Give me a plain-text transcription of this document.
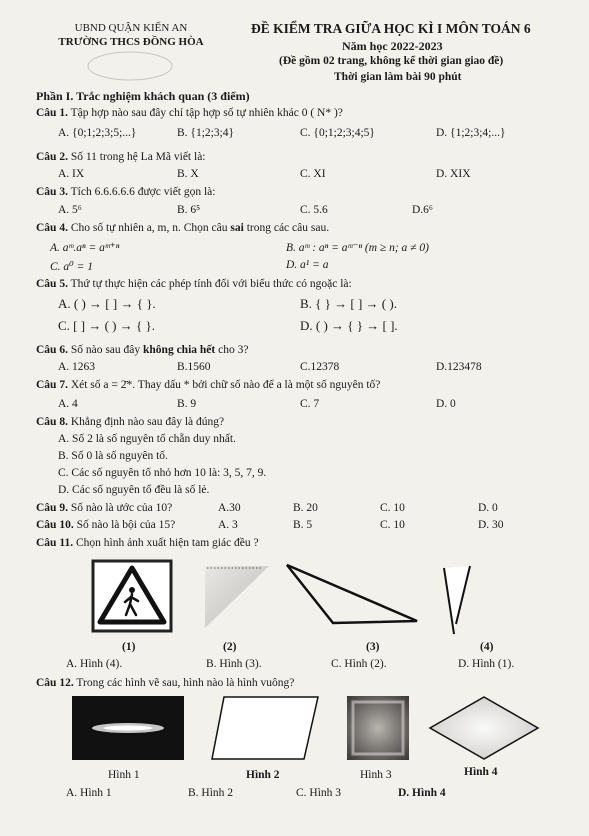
UBND QUẬN KIẾN AN
TRƯỜNG THCS ĐỒNG HÒA
ĐỀ KIỂM TRA GIỮA HỌC KÌ I MÔN TOÁN 6
Năm học 2022-2023
(Đề gồm 02 trang, không kể thời gian giao đề)
Thời gian làm bài 90 phút
Phần I. Trắc nghiệm khách quan (3 điểm)
Câu 1. Tập hợp nào sau đây chỉ tập hợp số tự nhiên khác 0 ( N* )?
A. {0;1;2;3;5;...}	B. {1;2;3;4}	C. {0;1;2;3;4;5}	D. {1;2;3;4;...}
Câu 2. Số 11 trong hệ La Mã viết là:
A. IX	B. X	C. XI	D. XIX
Câu 3. Tích 6.6.6.6.6 được viết gọn là:
A. 5⁶	B. 6⁵	C. 5.6	D.6⁶
Câu 4. Cho số tự nhiên a, m, n. Chọn câu sai trong các câu sau.
A. aᵐ.aⁿ = aᵐ⁺ⁿ	B. aᵐ : aⁿ = aᵐ⁻ⁿ (m ≥ n; a ≠ 0)
C. a⁰ = 1	D. a¹ = a
Câu 5. Thứ tự thực hiện các phép tính đối với biểu thức có ngoặc là:
A. ( ) → [ ] → { }.	B. { } → [ ] → ( ).
C. [ ] → ( ) → { }.	D. ( ) → { } → [ ].
Câu 6. Số nào sau đây không chia hết cho 3?
A. 1263	B.1560	C.12378	D.123478
Câu 7. Xét số a = 2̄*. Thay dấu * bởi chữ số nào để a là một số nguyên tố?
A. 4	B. 9	C. 7	D. 0
Câu 8. Khẳng định nào sau đây là đúng?
A. Số 2 là số nguyên tố chẵn duy nhất.
B. Số 0 là số nguyên tố.
C. Các số nguyên tố nhỏ hơn 10 là: 3, 5, 7, 9.
D. Các số nguyên tố đều là số lẻ.
Câu 9. Số nào là ước của 10?	A.30	B. 20	C. 10	D. 0
Câu 10. Số nào là bội của 15?	A. 3	B. 5	C. 10	D. 30
Câu 11. Chọn hình ảnh xuất hiện tam giác đều ?
(1)	(2)	(3)	(4)
A. Hình (4).	B. Hình (3).	C. Hình (2).	D. Hình (1).
Câu 12. Trong các hình vẽ sau, hình nào là hình vuông?
Hình 1	Hình 2	Hình 3	Hình 4
A. Hình 1	B. Hình 2	C. Hình 3	D. Hình 4
